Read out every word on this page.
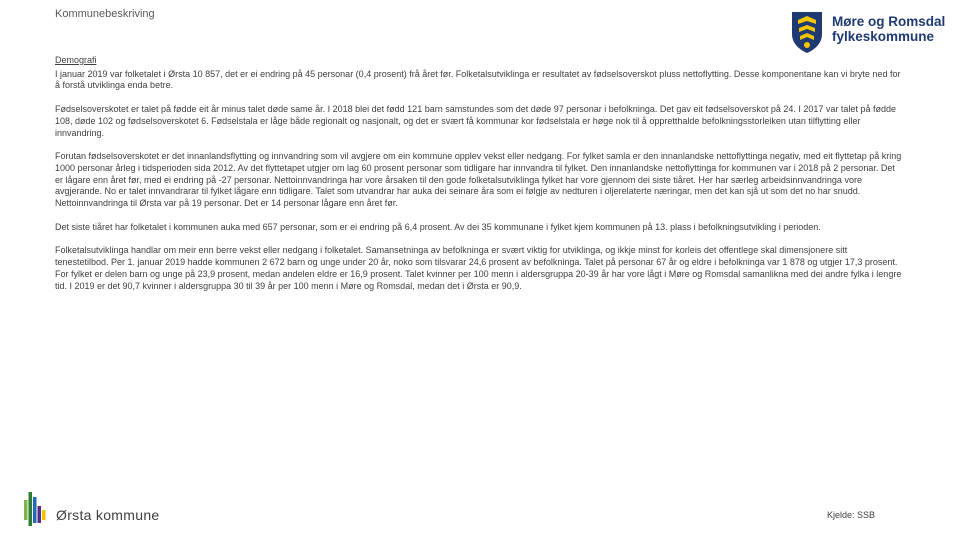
Kommunebeskriving	Møre og Romsdal
fylkeskommune
Demografi

I januar 2019 var folketalet i Ørsta 10 857, det er ei endring på 45 personar (0,4 prosent) frå året før. Folketalsutviklinga er resultatet av fødselsoverskot pluss nettoflytting. Desse komponentane kan vi bryte ned for å forstå utviklinga enda betre.

Fødselsoverskotet er talet på fødde eit år minus talet døde same år. I 2018 blei det fødd 121 barn samstundes som det døde 97 personar i befolkninga. Det gav eit fødselsoverskot på 24. I 2017 var talet på fødde 108, døde 102 og fødselsoverskotet 6. Fødselstala er låge både regionalt og nasjonalt, og det er svært få kommunar kor fødselstala er høge nok til å oppretthalde befolkningsstorleiken utan tilflytting eller innvandring.

Forutan fødselsoverskotet er det innanlandsflytting og innvandring som vil avgjere om ein kommune opplev vekst eller nedgang. For fylket samla er den innanlandske nettoflyttinga negativ, med eit flyttetap på kring 1000 personar årleg i tidsperioden sida 2012. Av det flyttetapet utgjer om lag 60 prosent personar som tidligare har innvandra til fylket. Den innanlandske nettoflyttinga for kommunen var i 2018 på 2 personar. Det er lågare enn året før, med ei endring på -27 personar. Nettoinnvandringa har vore årsaken til den gode folketalsutviklinga fylket har vore gjennom dei siste tiåret. Her har særleg arbeidsinnvandringa vore avgjerande. No er talet innvandrarar til fylket lågare enn tidligare. Talet som utvandrar har auka dei seinare åra som ei følgje av nedturen i oljerelaterte næringar, men det kan sjå ut som det no har snudd. Nettoinnvandringa til Ørsta var på 19 personar. Det er 14 personar lågare enn året før.

Det siste tiåret har folketalet i kommunen auka med 657 personar, som er ei endring på 6,4 prosent. Av dei 35 kommunane i fylket kjem kommunen på 13. plass i befolkningsutvikling i perioden.

Folketalsutviklinga handlar om meir enn berre vekst eller nedgang i folketalet. Samansetninga av befolkninga er svært viktig for utviklinga, og ikkje minst for korleis det offentlege skal dimensjonere sitt tenestetilbod. Per 1. januar 2019 hadde kommunen 2 672 barn og unge under 20 år, noko som tilsvarar 24,6 prosent av befolkninga. Talet på personar 67 år og eldre i befolkninga var 1 878 og utgjer 17,3 prosent. For fylket er delen barn og unge på 23,9 prosent, medan andelen eldre er 16,9 prosent. Talet kvinner per 100 menn i aldersgruppa 20-39 år har vore lågt i Møre og Romsdal samanlikna med dei andre fylka i lengre tid. I 2019 er det 90,7 kvinner i aldersgruppa 30 til 39 år per 100 menn i Møre og Romsdal, medan det i Ørsta er 90,9.

Ørsta kommune	Kjelde: SSB
